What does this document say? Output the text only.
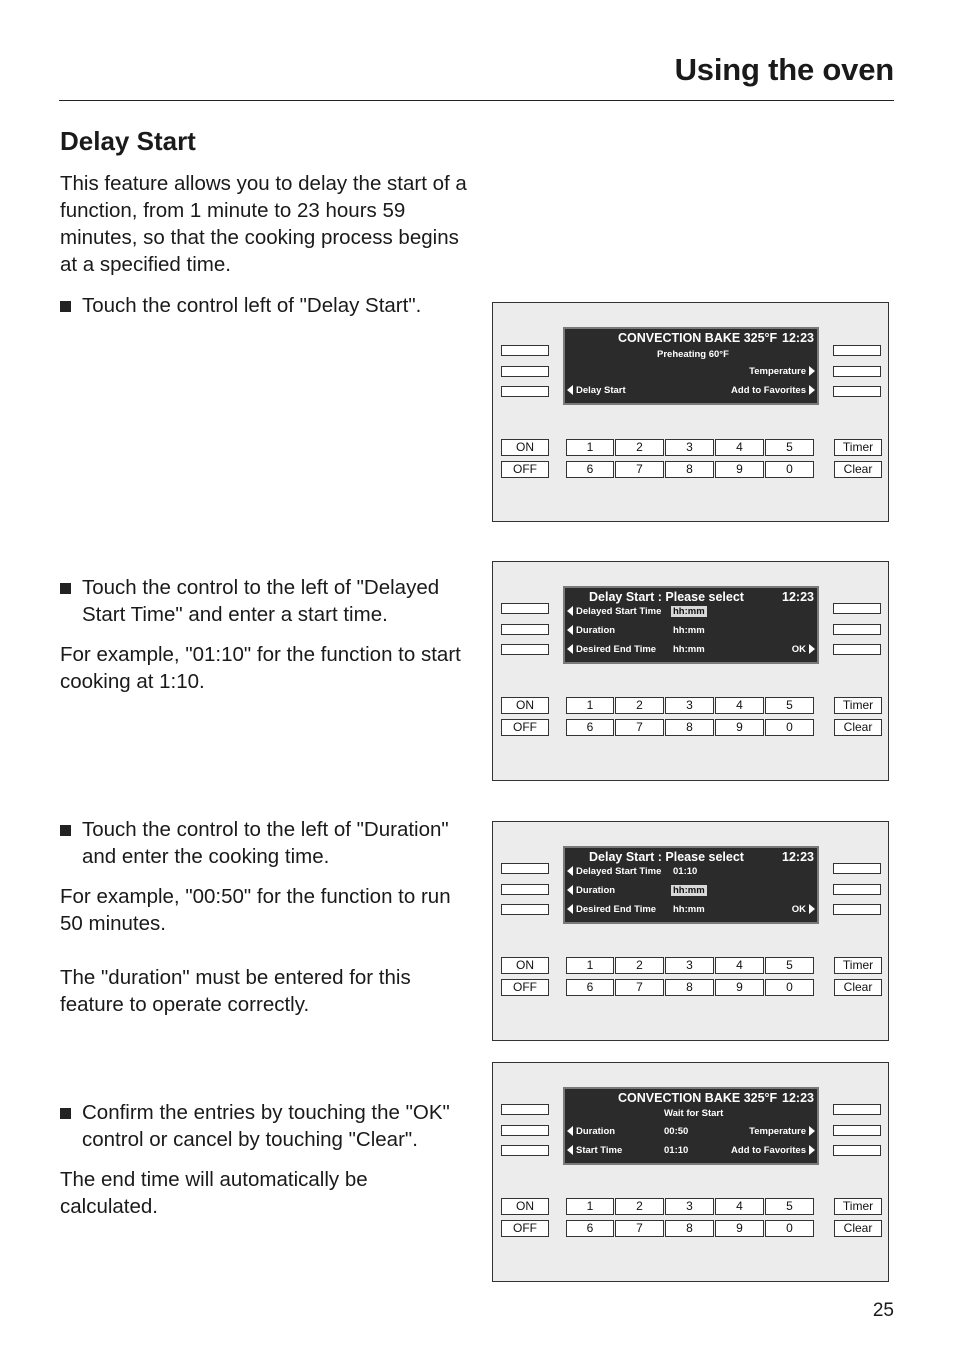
Using the oven
Delay Start

This feature allows you to delay the start of a function, from 1 minute to 23 hours 59 minutes, so that the cooking process begins at a specified time.

Touch the control left of "Delay Start".

Touch the control to the left of "Delayed Start Time" and enter a start time.

For example, "01:10" for the function to start cooking at 1:10.

Touch the control to the left of "Duration" and enter the cooking time.

For example, "00:50" for the function to run 50 minutes.

The "duration" must be entered for this feature to operate correctly.

Confirm the entries by touching the "OK" control or cancel by touching "Clear".

The end time will automatically be calculated.

CONVECTION BAKE 325°F 12:23
Preheating 60°F
Temperature
Delay Start	Add to Favorites
ON
OFF
1	2	3	4	5
6	7	8	9	0
Timer
Clear
Delay Start : Please select	12:23
Delayed Start Time hh:mm
Duration	hh:mm
Desired End Time hh:mm	OK
ON
OFF
1	2	3	4	5
6	7	8	9	0
Timer
Clear
Delay Start : Please select	12:23
Delayed Start Time 01:10
Duration	hh:mm
Desired End Time hh:mm	OK
ON
OFF
1	2	3	4	5
6	7	8	9	0
Timer
Clear
CONVECTION BAKE 325°F 12:23
Wait for Start
Duration	00:50	Temperature
Start Time	01:10	Add to Favorites
ON
OFF
1	2	3	4	5
6	7	8	9	0
Timer
Clear
25
